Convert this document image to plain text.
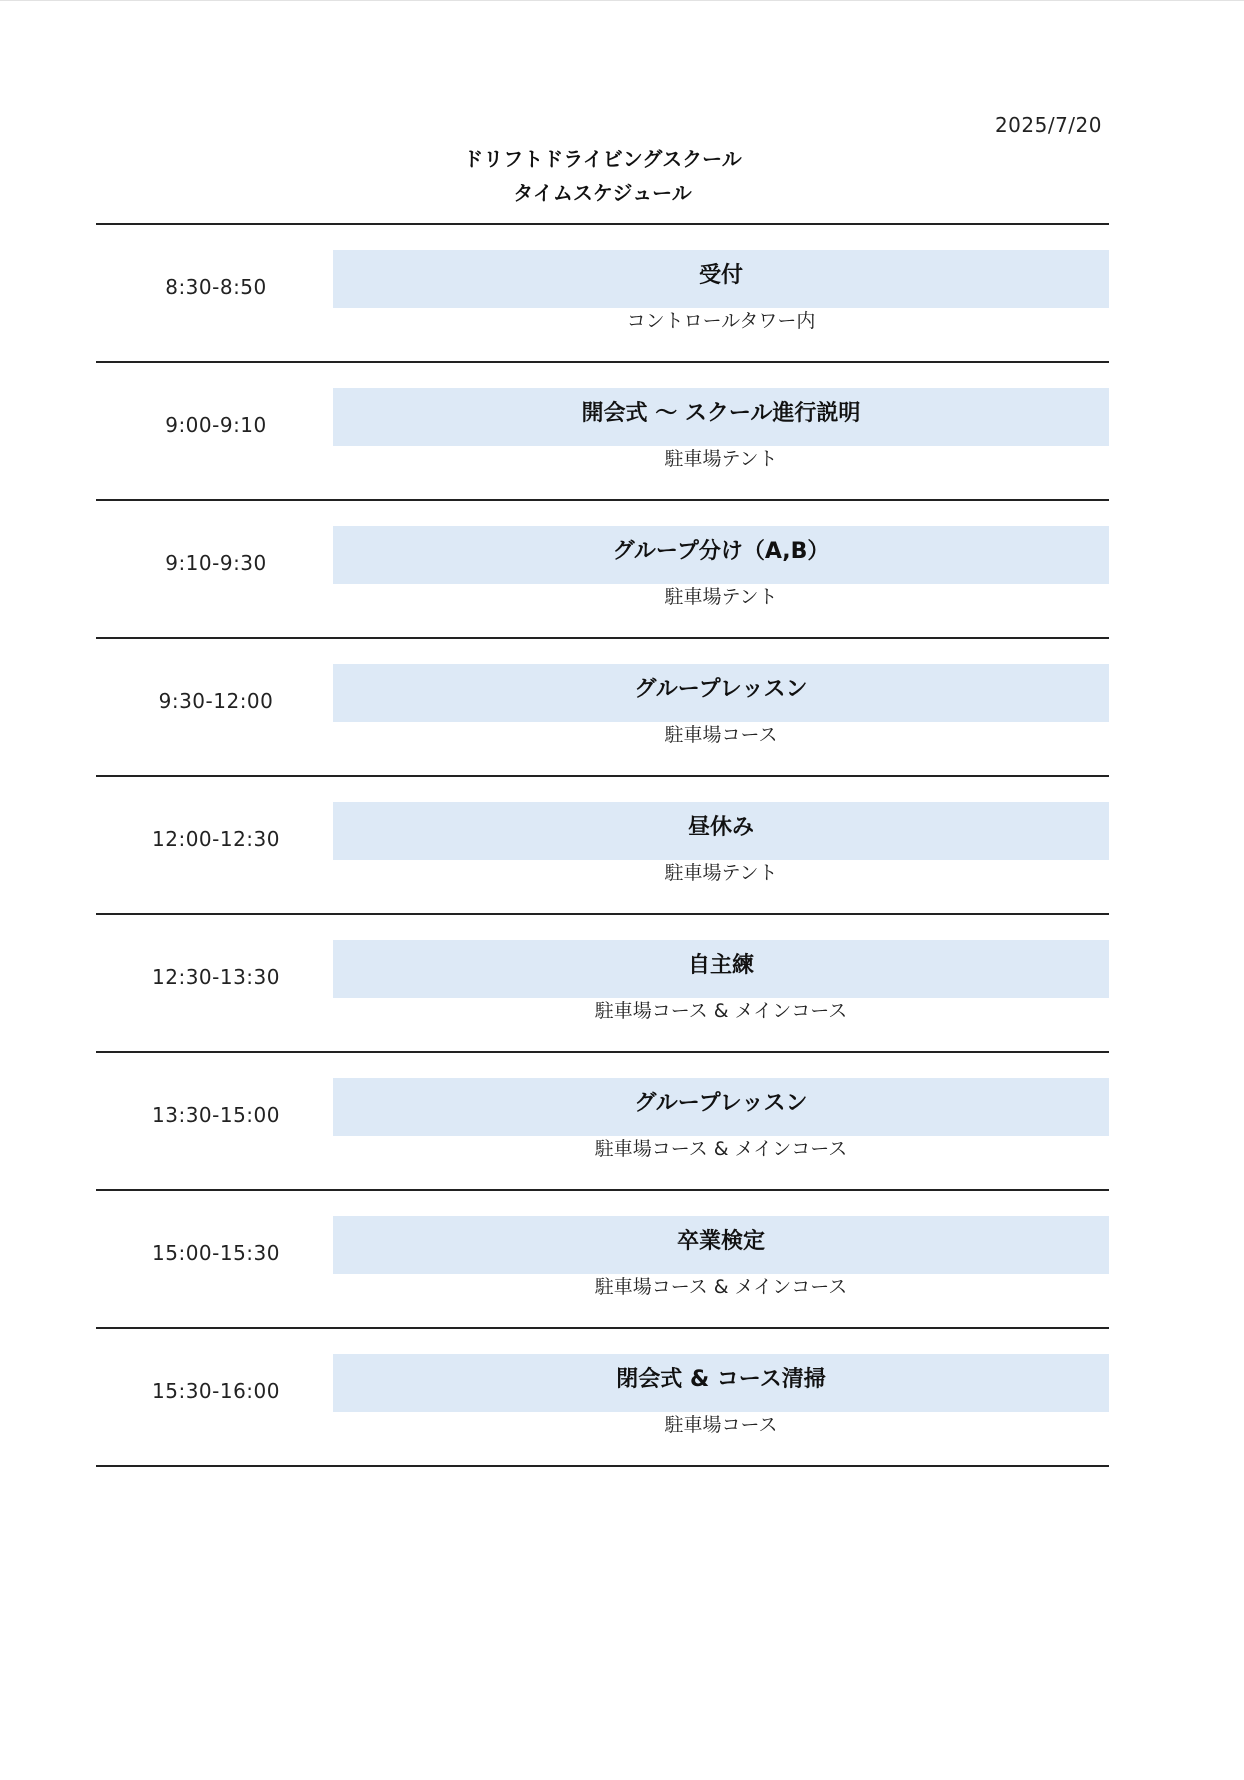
2025/7/20
ドリフトドライビングスクール
タイムスケジュール
8:30-8:50	受付
コントロールタワー内
9:00-9:10	開会式 ～ スクール進行説明
駐車場テント
9:10-9:30	グループ分け（A,B）
駐車場テント
9:30-12:00	グループレッスン
駐車場コース
12:00-12:30	昼休み
駐車場テント
12:30-13:30	自主練
駐車場コース & メインコース
13:30-15:00	グループレッスン
駐車場コース & メインコース
15:00-15:30	卒業検定
駐車場コース & メインコース
15:30-16:00	閉会式 & コース清掃
駐車場コース
